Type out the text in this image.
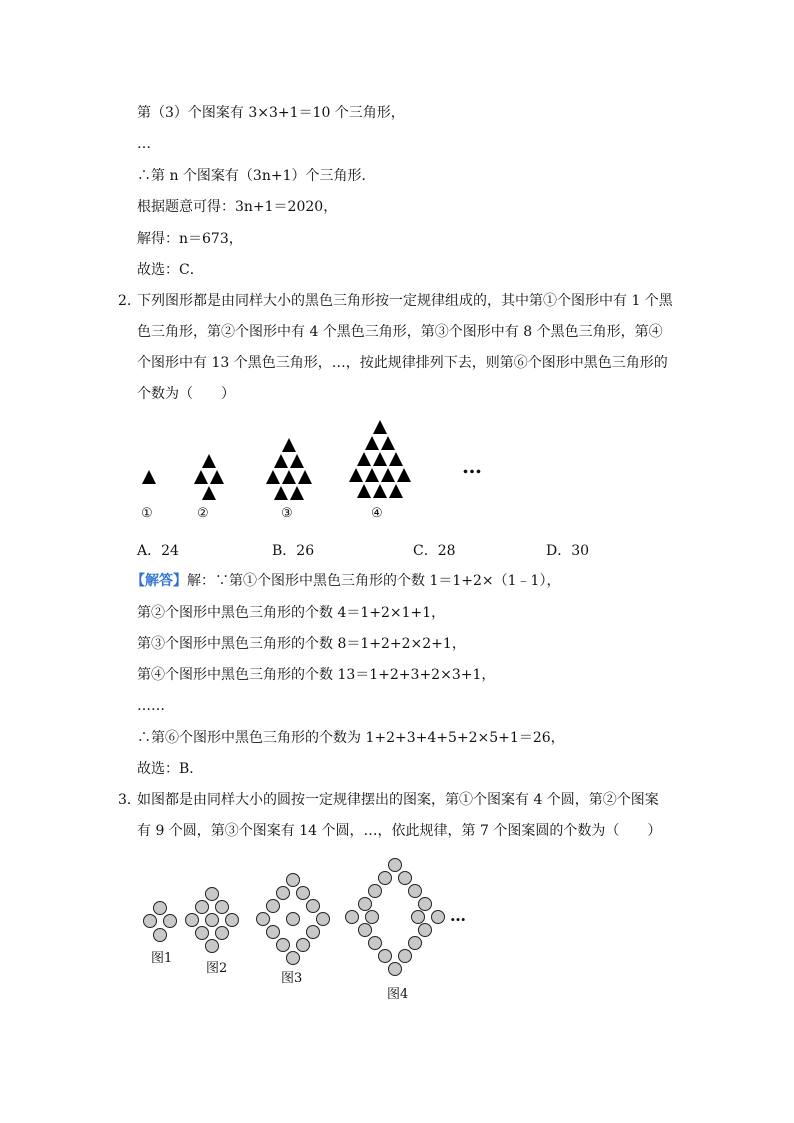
第（3）个图案有 3×3+1＝10 个三角形，
…
∴第 n 个图案有（3n+1）个三角形．
根据题意可得：3n+1＝2020，
解得：n＝673，
故选：C．
2．
下列图形都是由同样大小的黑色三角形按一定规律组成的，其中第①个图形中有 1 个黑
色三角形，第②个图形中有 4 个黑色三角形，第③个图形中有 8 个黑色三角形，第④
个图形中有 13 个黑色三角形，…，按此规律排列下去，则第⑥个图形中黑色三角形的
个数为（　　）
①	②	③	④
…
A．24	B．26	C．28	D．30
【解答】解：∵第①个图形中黑色三角形的个数 1＝1+2×（1﹣1），
第②个图形中黑色三角形的个数 4＝1+2×1+1，
第③个图形中黑色三角形的个数 8＝1+2+2×2+1，
第④个图形中黑色三角形的个数 13＝1+2+3+2×3+1，
……
∴第⑥个图形中黑色三角形的个数为 1+2+3+4+5+2×5+1＝26，
故选：B．
3．
如图都是由同样大小的圆按一定规律摆出的图案，第①个图案有 4 个圆，第②个图案
有 9 个圆，第③个图案有 14 个圆，…，依此规律，第 7 个图案圆的个数为（　　）
图1
图2
图3
图4
…
